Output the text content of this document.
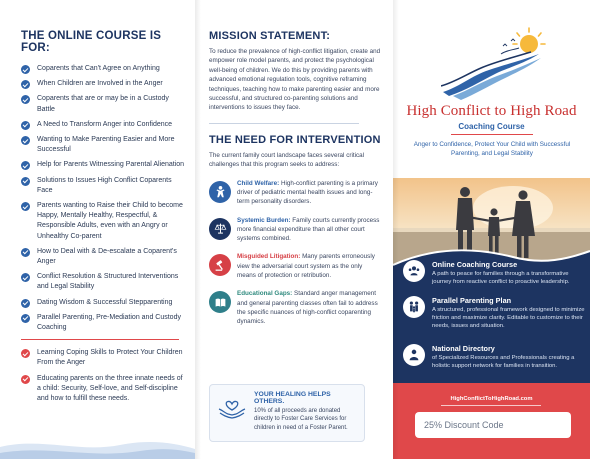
THE ONLINE COURSE IS FOR:
Coparents that Can't Agree on Anything
When Children are Involved in the Anger
Coparents that are or may be in a Custody Battle
A Need to Transform Anger into Confidence
Wanting to Make Parenting Easier and More Successful
Help for Parents Witnessing Parental Alienation
Solutions to Issues High Conflict Coparents Face
Parents wanting to Raise their Child to become Happy, Mentally Healthy, Respectful, & Responsible Adults, even with an Angry or Unhealthy Co-parent
How to Deal with & De-escalate a Coparent's Anger
Conflict Resolution & Structured Interventions and Legal Stability
Dating Wisdom & Successful Stepparenting
Parallel Parenting, Pre-Mediation and Custody Coaching
Learning Coping Skills to Protect Your Children From the Anger
Educating parents on the three innate needs of a child: Security, Self-love, and Self-discipline and how to fulfill these needs.
MISSION STATEMENT:

To reduce the prevalence of high-conflict litigation, create and empower role model parents, and protect the psychological well-being of children. We do this by providing parents with advanced emotional regulation tools, cognitive reframing techniques, teaching how to make parenting easier and more successful, and structured co-parenting solutions and interventions to issues they face.

THE NEED FOR INTERVENTION

The current family court landscape faces several critical challenges that this program seeks to address:

Child Welfare: High-conflict parenting is a primary driver of pediatric mental health issues and long-term personality disorders.

Systemic Burden: Family courts currently process more financial expenditure than all other court systems combined.

Misguided Litigation: Many parents erroneously view the adversarial court system as the only means of protection or retribution.

Educational Gaps: Standard anger management and general parenting classes often fail to address the specific nuances of high-conflict coparenting dynamics.

YOUR HEALING HELPS OTHERS.
10% of all proceeds are donated directly to Foster Care Services for children in need of a Foster Parent.
High Conflict to High Road
Coaching Course
Anger to Confidence, Protect Your Child with Successful Parenting, and Legal Stability
Online Coaching Course
A path to peace for families through a transformative journey from reactive conflict to proactive leadership.
Parallel Parenting Plan
A structured, professional framework designed to minimize friction and maximize clarity. Editable to customize to their needs, issues and situation.
National Directory
of Specialized Resources and Professionals creating a holistic support network for families in transition.
HighConflictToHighRoad.com
25% Discount Code
